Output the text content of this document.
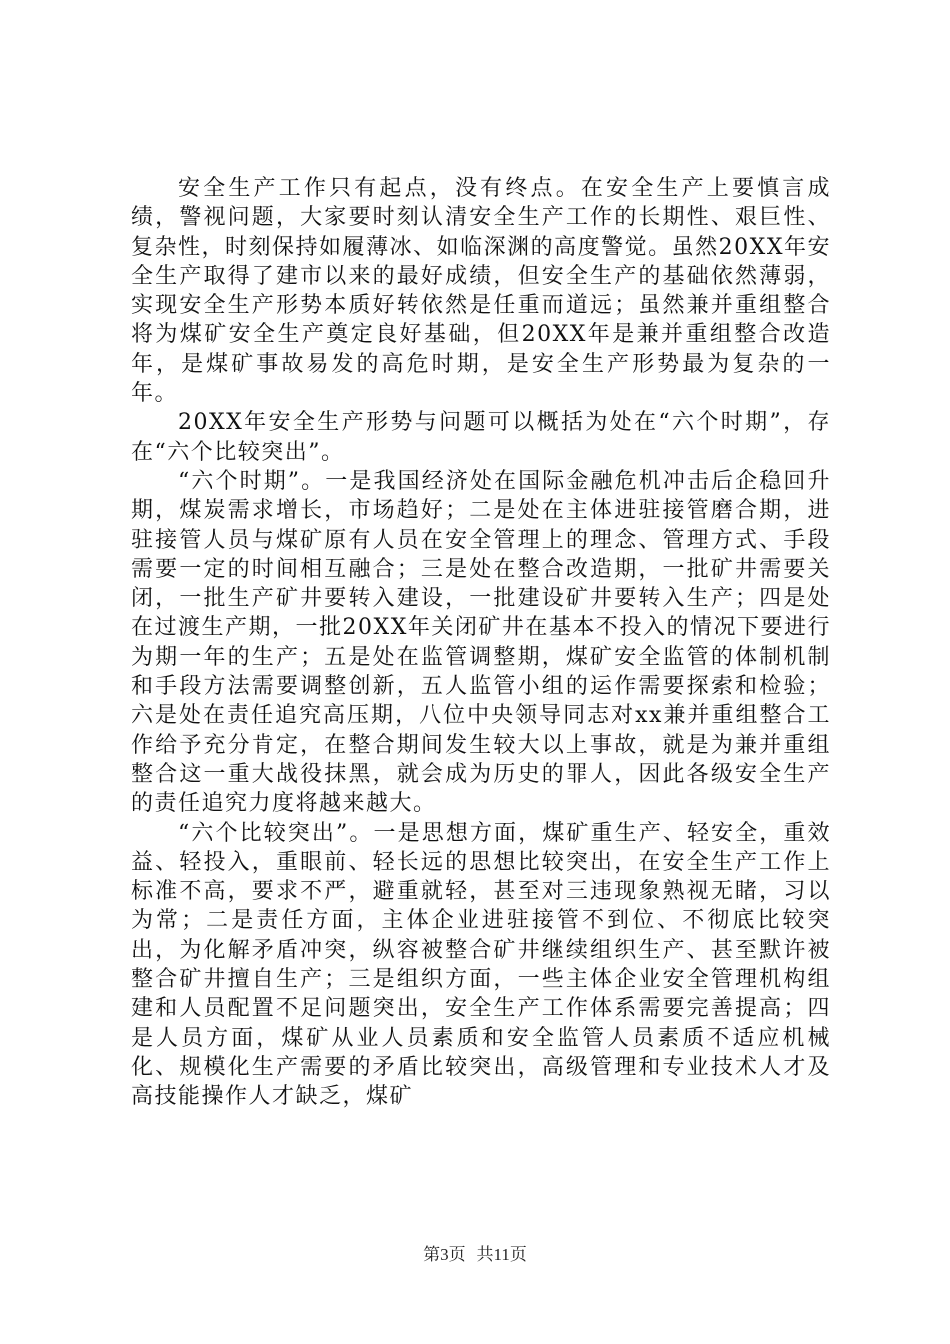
安全生产工作只有起点，没有终点。在安全生产上要慎言成绩，警视问题，大家要时刻认清安全生产工作的长期性、艰巨性、复杂性，时刻保持如履薄冰、如临深渊的高度警觉。虽然20XX年安全生产取得了建市以来的最好成绩，但安全生产的基础依然薄弱，实现安全生产形势本质好转依然是任重而道远；虽然兼并重组整合将为煤矿安全生产奠定良好基础，但20XX年是兼并重组整合改造年，是煤矿事故易发的高危时期，是安全生产形势最为复杂的一年。

20XX年安全生产形势与问题可以概括为处在“六个时期”，存在“六个比较突出”。

“六个时期”。一是我国经济处在国际金融危机冲击后企稳回升期，煤炭需求增长，市场趋好；二是处在主体进驻接管磨合期，进驻接管人员与煤矿原有人员在安全管理上的理念、管理方式、手段需要一定的时间相互融合；三是处在整合改造期，一批矿井需要关闭，一批生产矿井要转入建设，一批建设矿井要转入生产；四是处在过渡生产期，一批20XX年关闭矿井在基本不投入的情况下要进行为期一年的生产；五是处在监管调整期，煤矿安全监管的体制机制和手段方法需要调整创新，五人监管小组的运作需要探索和检验；六是处在责任追究高压期，八位中央领导同志对xx兼并重组整合工作给予充分肯定，在整合期间发生较大以上事故，就是为兼并重组整合这一重大战役抹黑，就会成为历史的罪人，因此各级安全生产的责任追究力度将越来越大。

“六个比较突出”。一是思想方面，煤矿重生产、轻安全，重效益、轻投入，重眼前、轻长远的思想比较突出，在安全生产工作上标准不高，要求不严，避重就轻，甚至对三违现象熟视无睹，习以为常；二是责任方面，主体企业进驻接管不到位、不彻底比较突出，为化解矛盾冲突，纵容被整合矿井继续组织生产、甚至默许被整合矿井擅自生产；三是组织方面，一些主体企业安全管理机构组建和人员配置不足问题突出，安全生产工作体系需要完善提高；四是人员方面，煤矿从业人员素质和安全监管人员素质不适应机械化、规模化生产需要的矛盾比较突出，高级管理和专业技术人才及高技能操作人才缺乏，煤矿

第3页  共11页
